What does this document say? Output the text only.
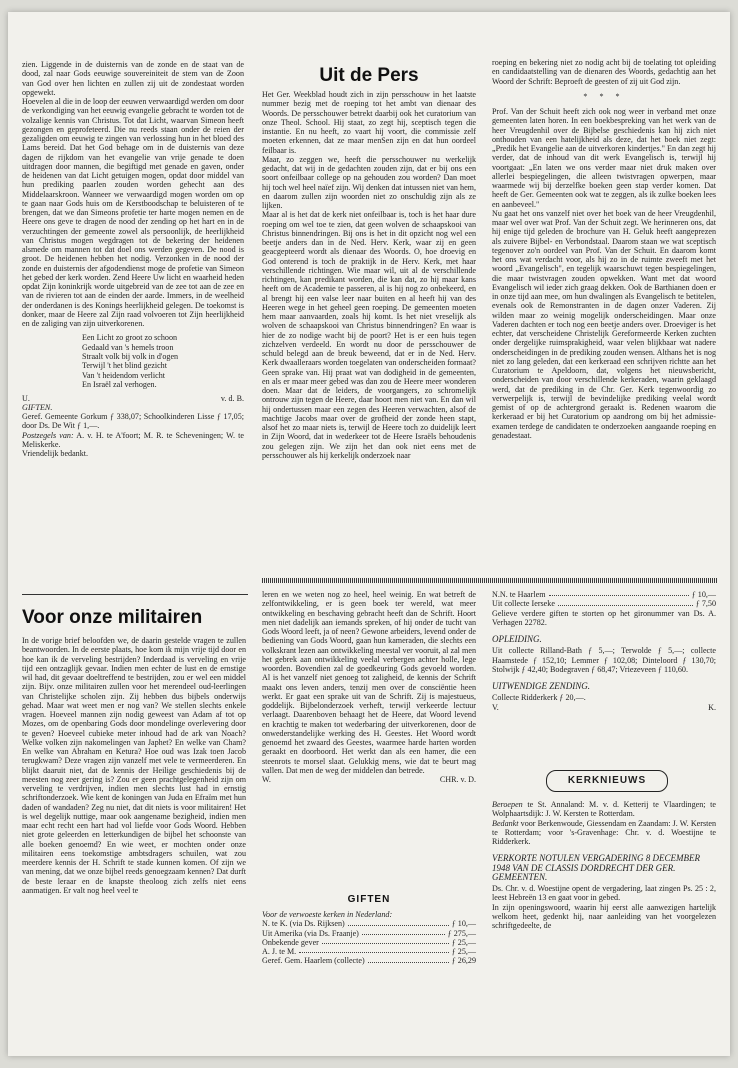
zien. Liggende in de duisternis van de zonde en de staat van de dood, zal naar Gods eeuwige souvereiniteit de stem van de Zoon van God over hen lichten en zullen zij uit de zondestaat worden opgewekt.

Hoevelen al die in de loop der eeuwen verwaardigd werden om door de verkondiging van het eeuwig evangelie gebracht te worden tot de volzalige kennis van Christus. Tot dat Licht, waarvan Simeon heeft gezongen en geprofeteerd. Die nu reeds staan onder de reien der gezaligden om eeuwig te zingen van verlossing hun in het bloed des Lams bereid. Dat het God behage om in de duisternis van deze dagen de rijkdom van het evangelie van vrije genade te doen uitdragen door mannen, die begiftigd met genade en gaven, onder de heidenen van dat Licht getuigen mogen, opdat door middel van hun prediking paarlen zouden worden gehecht aan des Middelaarskroon. Wanneer we verwaardigd mogen worden om op te gaan naar Gods huis om de Kerstboodschap te beluisteren of te brengen, dat we dan Simeons profetie ter harte mogen nemen en de Heere ons geve te dragen de nood der zending op het hart en in de verzuchtingen der gemeente zowel als persoonlijk, de heerlijkheid van Christus mogen wegdragen tot de bekering der heidenen alsmede om mannen tot dat doel ons werden gegeven. De nood is groot. De heidenen hebben het nodig. Verzonken in de nood der zonde en duisternis der afgodendienst moge de profetie van Simeon het gebed der kerk worden. Zend Heere Uw licht en waarheid heden opdat Zijn koninkrijk worde uitgebreid van de zee tot aan de zee en van de rivieren tot aan de einden der aarde. Immers, in de weelheid der onderdanen is des Konings heerlijkheid gelegen. De toekomst is donker, maar de Heere zal Zijn raad volvoeren tot Zijn heerlijkheid en de zaliging van zijn uitverkorenen.

Een Licht zo groot zo schoon
Gedaald van 's hemels troon
Straalt volk bij volk in d'ogen
Terwijl 't het blind gezicht
Van 't heidendom verlicht
En Israël zal verhogen.
U.	v. d. B.

GIFTEN.

Geref. Gemeente Gorkum ƒ 338,07; Schoolkinderen Lisse ƒ 17,05; door Ds. De Wit ƒ 1,—.

Postzegels van: A. v. H. te A'foort; M. R. te Scheveningen; W. te Meliskerke.

Vriendelijk bedankt.

Uit de Pers

Het Ger. Weekblad houdt zich in zijn persschouw in het laatste nummer bezig met de roeping tot het ambt van dienaar des Woords. De persschouwer betrekt daarbij ook het curatorium van onze Theol. School. Hij staat, zo zegt hij, sceptisch tegen die instantie. En nu heeft, zo vaart hij voort, die commissie zelf moeten erkennen, dat ze maar menSen zijn en dat hun oordeel feilbaar is.

Maar, zo zeggen we, heeft die persschouwer nu werkelijk gedacht, dat wij in de gedachten zouden zijn, dat er bij ons een soort onfeilbaar college op na gehouden zou worden? Dan moet hij toch wel heel naïef zijn. Wij denken dat intussen niet van hem, en daarom zullen zijn woorden niet zo onschuldig zijn als ze lijken.

Maar al is het dat de kerk niet onfeilbaar is, toch is het haar dure roeping om wel toe te zien, dat geen wolven de schaapskooi van Christus binnendringen. Bij ons is het in dit opzicht nog wel een beetje anders dan in de Ned. Herv. Kerk, waar zij en geen geacgepteerd wordt als dienaar des Woords. O, hoe droevig en God onterend is toch de praktijk in de Herv. Kerk, met haar verschillende richtingen. Wie maar wil, uit al de verschillende richtingen, kan predikant worden, die kan dat, zo hij maar kans heeft om de Academie te passeren, al is hij nog zo onbekeerd, en al brengt hij een valse leer naar buiten en al heeft hij van des Heeren wege in het geheel geen roeping. De gemeenten moeten hem maar aanvaarden, zoals hij komt. Is het niet vreselijk als wolven de schaapskooi van Christus binnendringen? En waar is hier de zo nodige wacht bij de poort? Het is er een huis tegen zichzelven verdeeld. En wordt nu door de persschouwer de schuld belegd aan de breuk beweend, dat er in de Ned. Herv. Kerk dwaalleraars worden toegelaten van onderscheiden formaat? Geen sprake van. Hij praat wat van dodigheid in de gemeenten, en als er maar meer gebed was dan zou de Heere meer wonderen doen. Maar dat de leiders, de voorgangers, zo schromelijk ontrouw zijn tegen de Heere, daar hoort men niet van. En dan wil hij ondertussen maar een zegen des Heeren verwachten, alsof de machtige Jacobs maar over de grofheid der zonde heen stapt, alsof het zo maar niets is, terwijl de Heere toch zo duidelijk leert in Zijn Woord, dat in wederkeer tot de Heere Israëls behoudenis zou gelegen zijn. We zijn het dan ook niet eens met de persschouwer als hij kerkelijk onderzoek naar

roeping en bekering niet zo nodig acht bij de toelating tot opleiding en candidaatstelling van de dienaren des Woords, gedachtig aan het Woord der Schrift: Beproeft de geesten of zij uit God zijn.

* * *

Prof. Van der Schuit heeft zich ook nog weer in verband met onze gemeenten laten horen. In een boekbespreking van het werk van de heer Vreugdenhil over de Bijbelse geschiedenis kan hij zich niet onthouden van een hatelijkheid als deze, dat het boek niet zegt: „Predik het Evangelie aan de uitverkoren kindertjes." En dan zegt hij verder, dat de inhoud van dit werk Evangelisch is, terwijl hij voortgaat: „En laten we ons verder maar niet druk maken over allerlei bespiegelingen, die alleen twistvragen opwerpen, maar waarmede wij bij derzelfke boeken geen stap verder komen. Dat heeft de Ger. Gemeenten ook wat te zeggen, als ik zulke boeken lees en aanbeveel."

Nu gaat het ons vanzelf niet over het boek van de heer Vreugdenhil, maar wel over wat Prof. Van der Schuit zegt. We herinneren ons, dat hij enige tijd geleden de brochure van H. Geluk heeft aangeprezen als zuivere Bijbel- en Verbondstaal. Daarom staan we wat sceptisch tegenover zo'n oordeel van Prof. Van der Schuit. En daarom komt het ons wat verdacht voor, als hij zo in de ruimte zweeft met het woord „Evangelisch", en tegelijk waarschuwt tegen bespiegelingen, die maar twistvragen zouden opwekken. Want met dat woord Evangelisch wil ieder zich graag dekken. Ook de Barthianen doen er in onze tijd aan mee, om hun dwalingen als Evangelisch te betitelen, evenals ook de Remonstranten in de dagen onzer Vaderen. Zij wilden maar zo weinig mogelijk onderscheidingen. Maar onze Vaderen dachten er toch nog een beetje anders over. Droeviger is het echter, dat verscheidene Christelijk Gereformeerde Kerken zuchten onder dergelijke ruimsprakigheid, waar velen blijkbaar wat nadere onderscheidingen in de prediking zouden wensen. Althans het is nog niet zo lang geleden, dat een kerkeraad een schrijven richtte aan het Curatorium te Apeldoorn, dat, volgens het nieuwsbericht, onderscheiden van door verschillende kerkeraden, waarin geklaagd werd, dat de prediking in de Chr. Ger. Kerk tegenwoordig zo verwerpelijk is, terwijl de bevindelijke prediking veelal wordt gemist of op de achtergrond geraakt is. Redenen waarom die kerkeraad er bij het Curatorium op aandrong om bij het admissie-examen terdege de candidaten te onderzoeken aangaande roeping en genadestaat.

Voor onze militairen

In de vorige brief beloofden we, de daarin gestelde vragen te zullen beantwoorden. In de eerste plaats, hoe kom ik mijn vrije tijd door en hoe kan ik de verveling bestrijden? Inderdaad is verveling en vrije tijd een ontzaglijk gevaar. Indien men echter de lust en de ernstige wil had, dit gevaar doeltreffend te bestrijden, zou er wel een middel zijn. Bijv. onze militairen zullen voor het merendeel oud-leerlingen van Christelijke scholen zijn. Zij hebben dus bijbels onderwijs gehad. Maar wat weet men er nog van? We stellen slechts enkele vragen. Hoeveel mannen zijn nodig geweest van Adam af tot op Mozes, om de openbaring Gods door mondelinge overlevering door te geven? Hoeveel cubieke meter inhoud had de ark van Noach? Welke volken zijn nakomelingen van Japhet? En welke van Cham? En welke van Abraham en Ketura? Hoe oud was Izak toen Jacob terugkwam? Deze vragen zijn vanzelf met vele te vermeerderen. En blijkt daaruit niet, dat de kennis der Heilige geschiedenis bij de meesten nog zeer gering is? Zou er geen prachtgelegenheid zijn om verveling te verdrijven, indien men slechts lust had in ernstig schriftonderzoek. Wie kent de koningen van Juda en Efraïm met hun daden of wandaden? Zeg nu niet, dat dit niets is voor militairen! Het is wel degelijk nuttige, maar ook aangename bezigheid, indien men maar echt recht een hart had vol liefde voor Gods Woord. Hebben niet grote geleerden en letterkundigen de bijbel het schoonste van alle boeken genoemd? En wie weet, er mochten onder onze militairen eens toekomstige ambtsdragers schuilen, wat zou meerdere kennis der H. Schrift te stade kunnen komen. Of zijn we van mening, dat we onze bijbel reeds genoegzaam kennen? Dat durft de beste leraar en de knapste theoloog zich zelfs niet eens aanmatigen. Er valt nog heel veel te

leren en we weten nog zo heel, heel weinig. En wat betreft de zelfontwikkeling, er is geen boek ter wereld, wat meer ontwikkeling en beschaving gebracht heeft dan de Schrift. Hoort men niet dadelijk aan iemands spreken, of hij onder de tucht van Gods Woord leeft, ja of neen? Gewone arbeiders, levend onder de bediening van Gods Woord, gaan hun kameraden, die slechts een volkskrant lezen aan ontwikkeling meestal ver vooruit, al zal men het gebrek aan ontwikkeling veelal verbergen achter holle, lege woorden. Bovendien zal de goedkeuring Gods gevoeld worden. Al is het vanzelf niet genoeg tot zaligheid, de kennis der Schrift maakt ons leven anders, tenzij men over de consciëntie heen werkt. Er gaat een sprake uit van de Schrift. Zij is majestueus, goddelijk. Bijbelonderzoek verheft, terwijl verkeerde lectuur verlaagt. Daarenboven behaagt het de Heere, dat Woord levend en krachtig te maken tot wederbaring der uitverkorenen, door de onwederstandelijke werking des H. Geestes. Het Woord wordt genoemd het zwaard des Geestes, waarmee harde harten worden geraakt en doorboord. Het werkt dan als een hamer, die een steenrots te morsel slaat. Gelukkig mens, wie dat te beurt mag vallen. Dat men de weg der middelen dan betrede.

W.	CHR. v. D.
GIFTEN
Voor de verwoeste kerken in Nederland:
N. te K. (via Ds. Rijksen)	ƒ 10,—
Uit Amerika (via Ds. Fraanje)	ƒ 275,—
Onbekende gever	ƒ 25,—
A. J. te M.	ƒ 25,—
Geref. Gem. Haarlem (collecte)	ƒ 26,29
N.N. te Haarlem	ƒ 10,—
Uit collecte Ierseke	ƒ 7,50

Gelieve verdere giften te storten op het gironummer van Ds. A. Verhagen 22782.

OPLEIDING.

Uit collecte Rilland-Bath ƒ 5,—; Terwolde ƒ 5,—; collecte Haamstede ƒ 152,10; Lemmer ƒ 102,08; Dinteloord ƒ 130,70; Stolwijk ƒ 42,40; Bodegraven ƒ 68,47; Vriezeveen ƒ 110,60.

UITWENDIGE ZENDING.

Collecte Ridderkerk ƒ 20,—.

V.	K.
KERKNIEUWS

Beroepen te St. Annaland: M. v. d. Ketterij te Vlaardingen; te Wolphaartsdijk: J. W. Kersten te Rotterdam.

Bedankt voor Berkenwoude, Giessendam en Zaandam: J. W. Kersten te Rotterdam; voor 's-Gravenhage: Chr. v. d. Woestijne te Ridderkerk.

VERKORTE NOTULEN VERGADERING 8 DECEMBER 1948 VAN DE CLASSIS DORDRECHT DER GER. GEMEENTEN.

Ds. Chr. v. d. Woestijne opent de vergadering, laat zingen Ps. 25 : 2, leest Hebreën 13 en gaat voor in gebed.

In zijn openingswoord, waarin hij eerst alle aanwezigen hartelijk welkom heet, gedenkt hij, naar aanleiding van het voorgelezen schriftgedeelte, de
